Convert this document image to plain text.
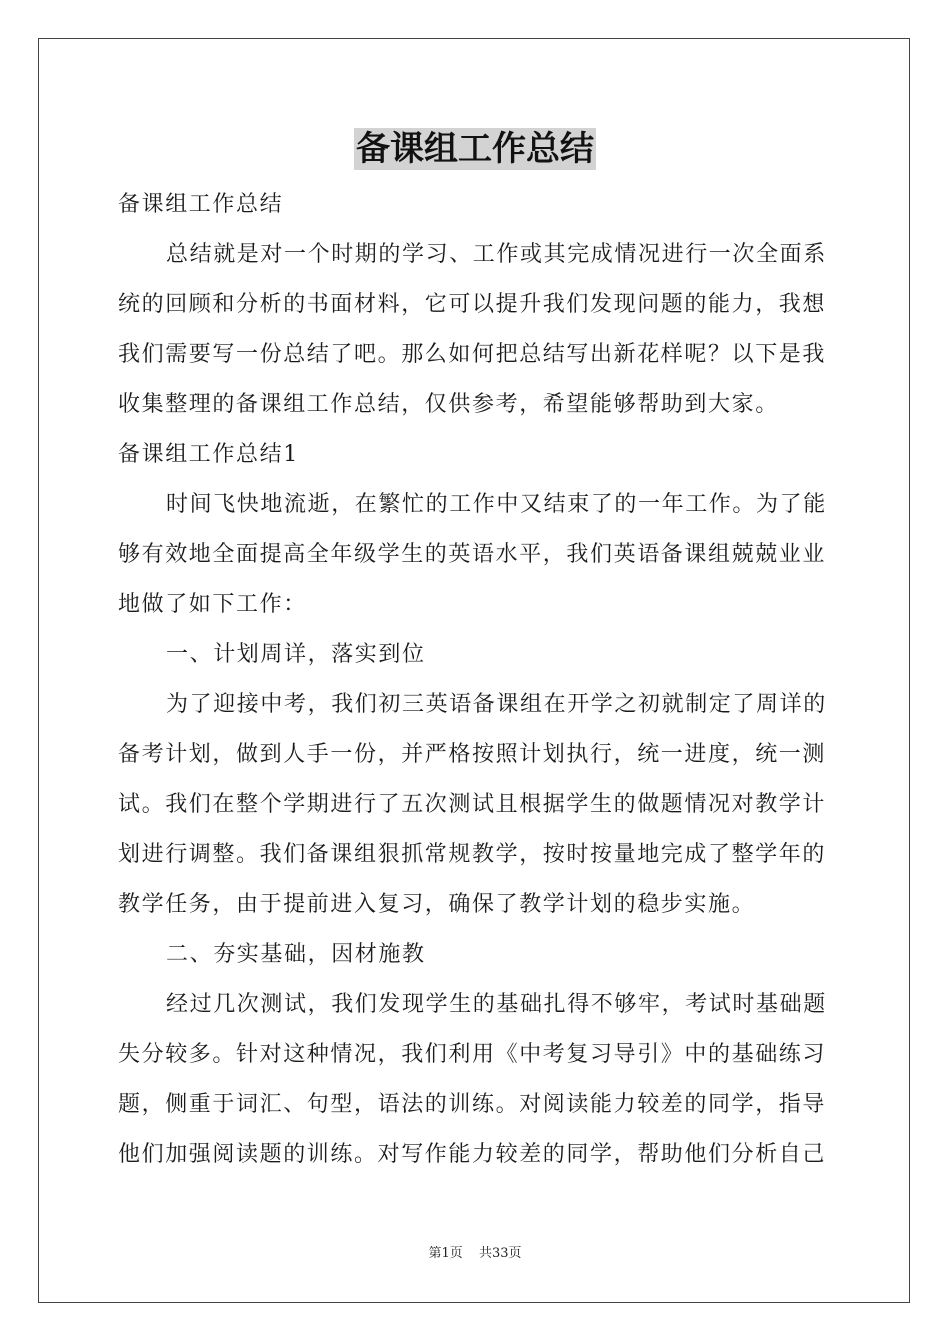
备课组工作总结
备课组工作总结
总结就是对一个时期的学习、工作或其完成情况进行一次全面系
统的回顾和分析的书面材料，它可以提升我们发现问题的能力，我想
我们需要写一份总结了吧。那么如何把总结写出新花样呢？以下是我
收集整理的备课组工作总结，仅供参考，希望能够帮助到大家。
备课组工作总结1
时间飞快地流逝，在繁忙的工作中又结束了的一年工作。为了能
够有效地全面提高全年级学生的英语水平，我们英语备课组兢兢业业
地做了如下工作：
一、计划周详，落实到位
为了迎接中考，我们初三英语备课组在开学之初就制定了周详的
备考计划，做到人手一份，并严格按照计划执行，统一进度，统一测
试。我们在整个学期进行了五次测试且根据学生的做题情况对教学计
划进行调整。我们备课组狠抓常规教学，按时按量地完成了整学年的
教学任务，由于提前进入复习，确保了教学计划的稳步实施。
二、夯实基础，因材施教
经过几次测试，我们发现学生的基础扎得不够牢，考试时基础题
失分较多。针对这种情况，我们利用《中考复习导引》中的基础练习
题，侧重于词汇、句型，语法的训练。对阅读能力较差的同学，指导
他们加强阅读题的训练。对写作能力较差的同学，帮助他们分析自己
第1页 共33页
